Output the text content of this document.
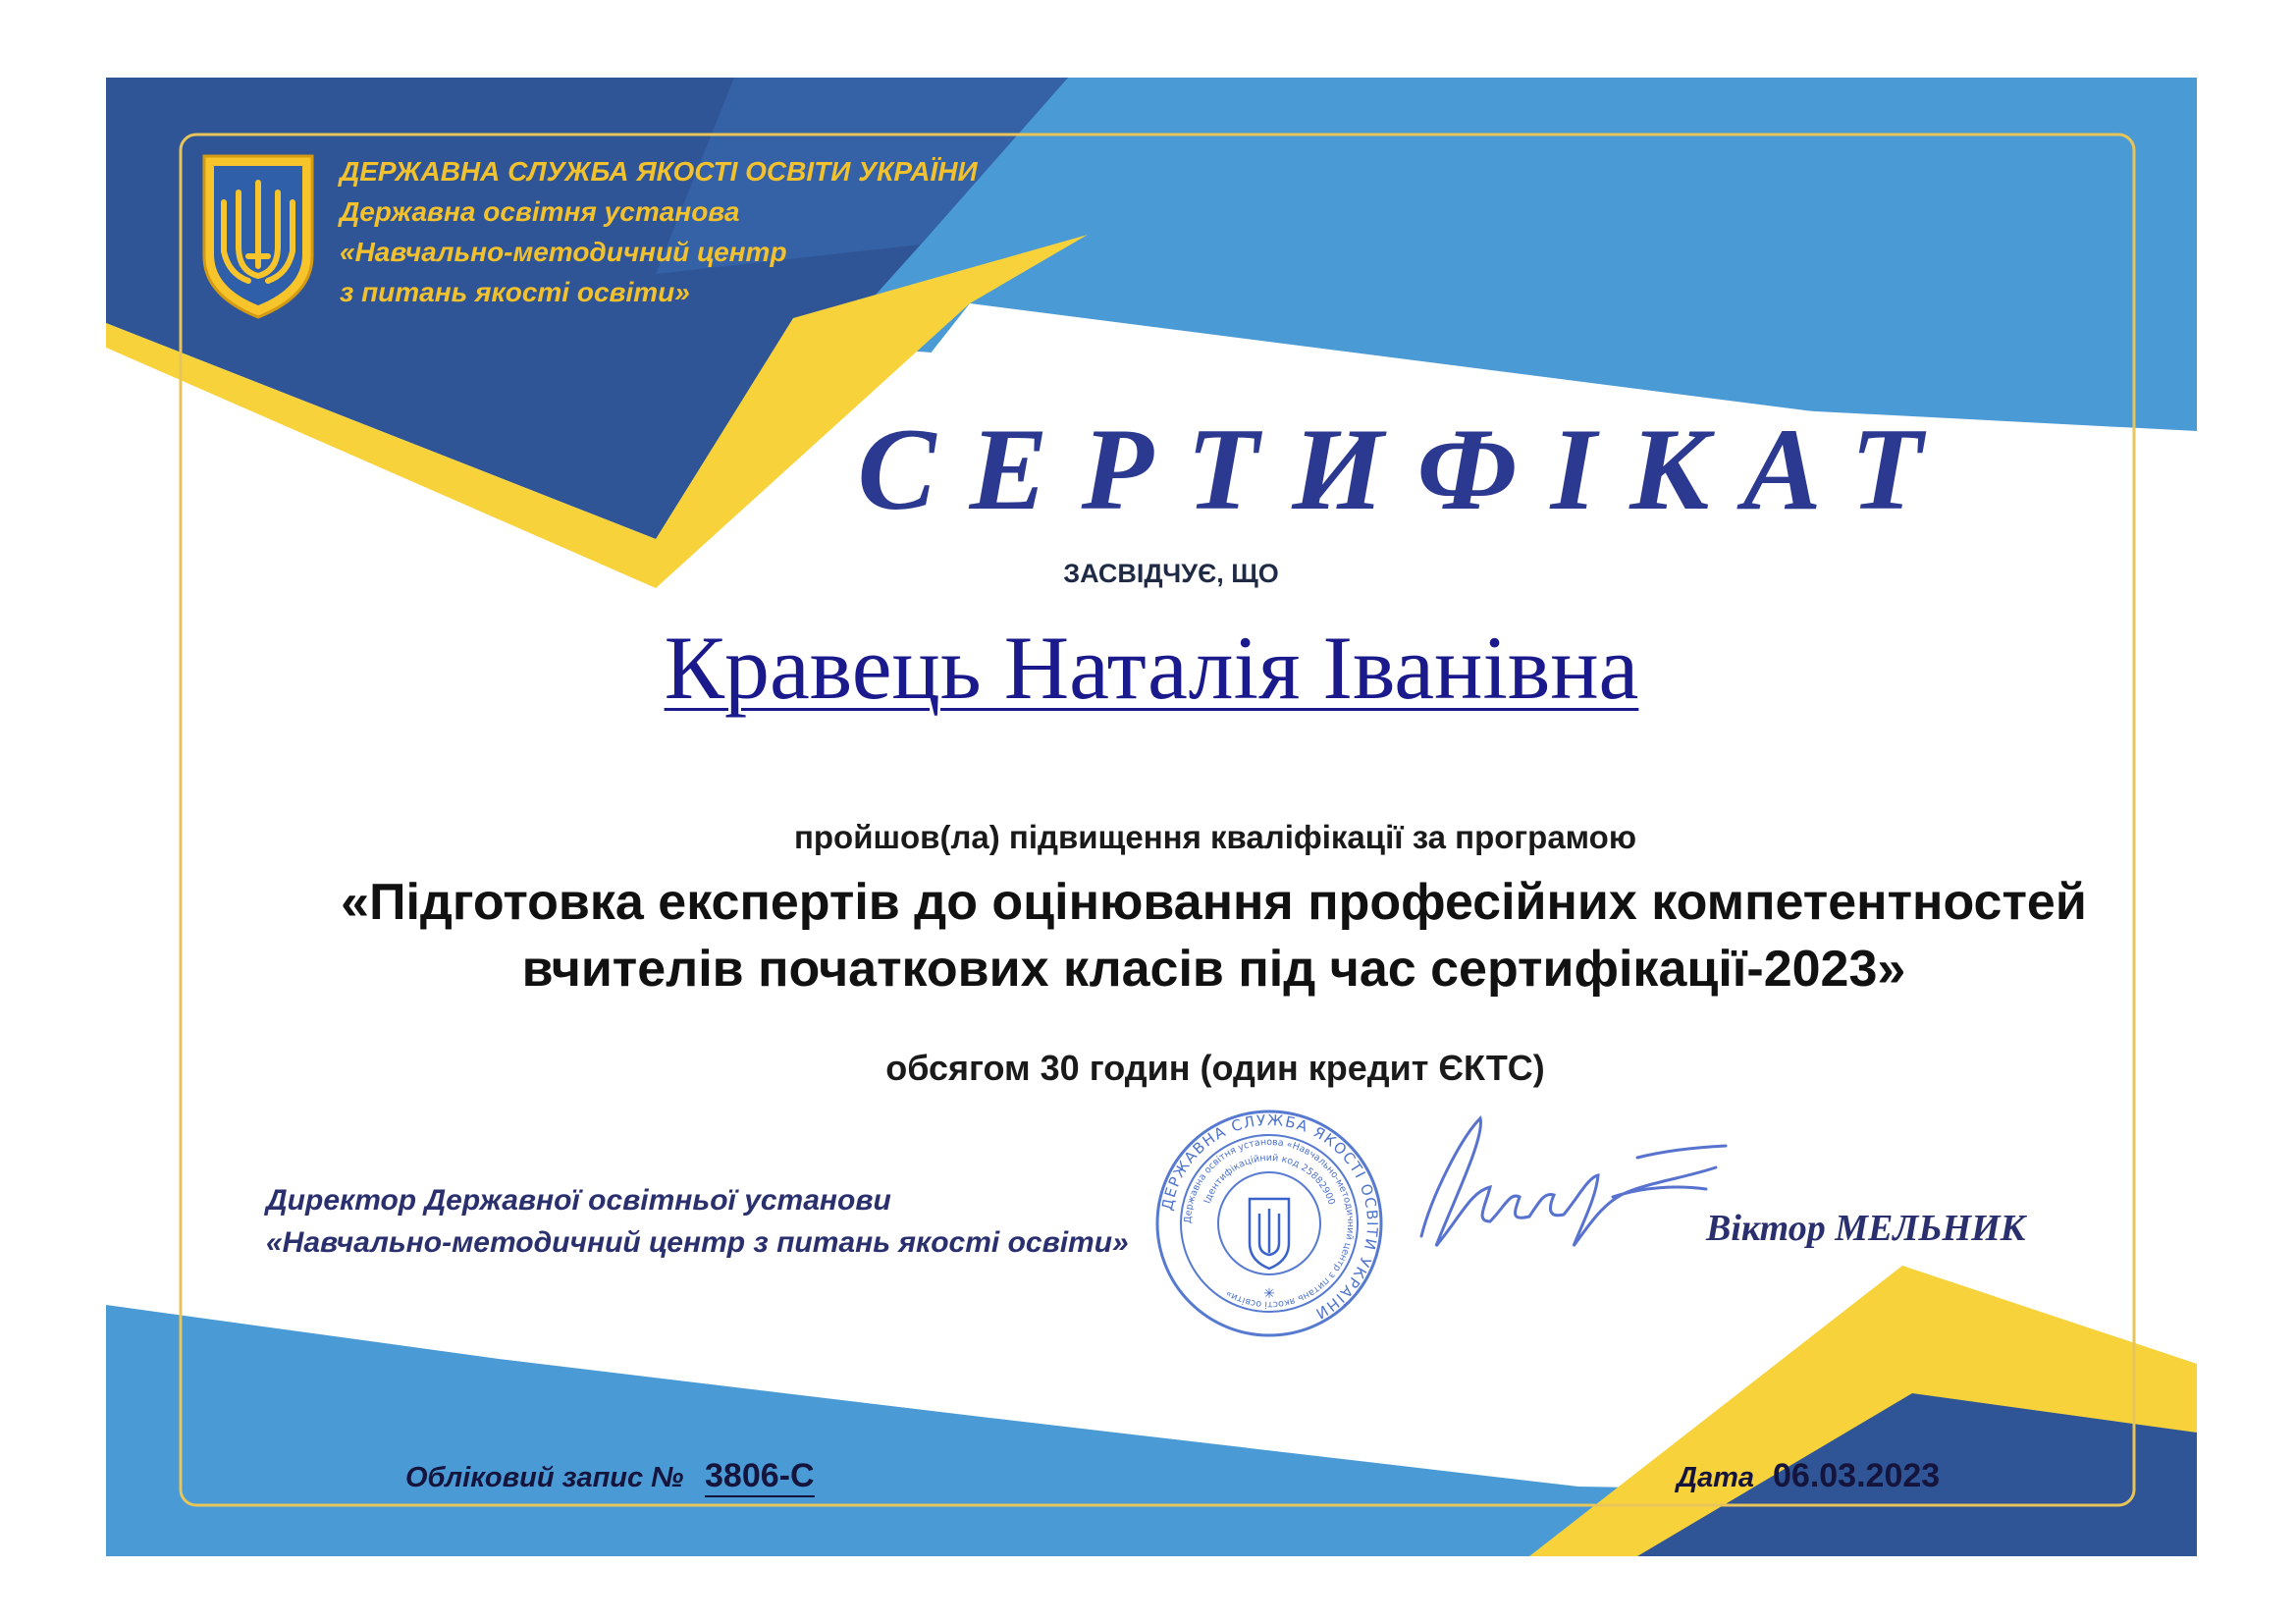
ДЕРЖАВНА СЛУЖБА ЯКОСТІ ОСВІТИ УКРАЇНИ
Державна освітня установа
«Навчально-методичний центр
з питань якості освіти»
СЕРТИФІКАТ
ЗАСВІДЧУЄ, ЩО
Кравець Наталія Іванівна
пройшов(ла) підвищення кваліфікації за програмою
«Підготовка експертів до оцінювання професійних компетентностей
вчителів початкових класів під час сертифікації-2023»
обсягом 30 годин (один кредит ЄКТС)
Директор Державної освітньої установи
«Навчально-методичний центр з питань якості освіти»
ДЕРЖАВНА СЛУЖБА ЯКОСТІ ОСВІТИ УКРАЇНИ
Державна освітня установа «Навчально-методичний центр з питань якості освіти»
Ідентифікаційний код 25882900
✳
Віктор МЕЛЬНИК
Обліковий запис № 3806-С	Дата 06.03.2023
